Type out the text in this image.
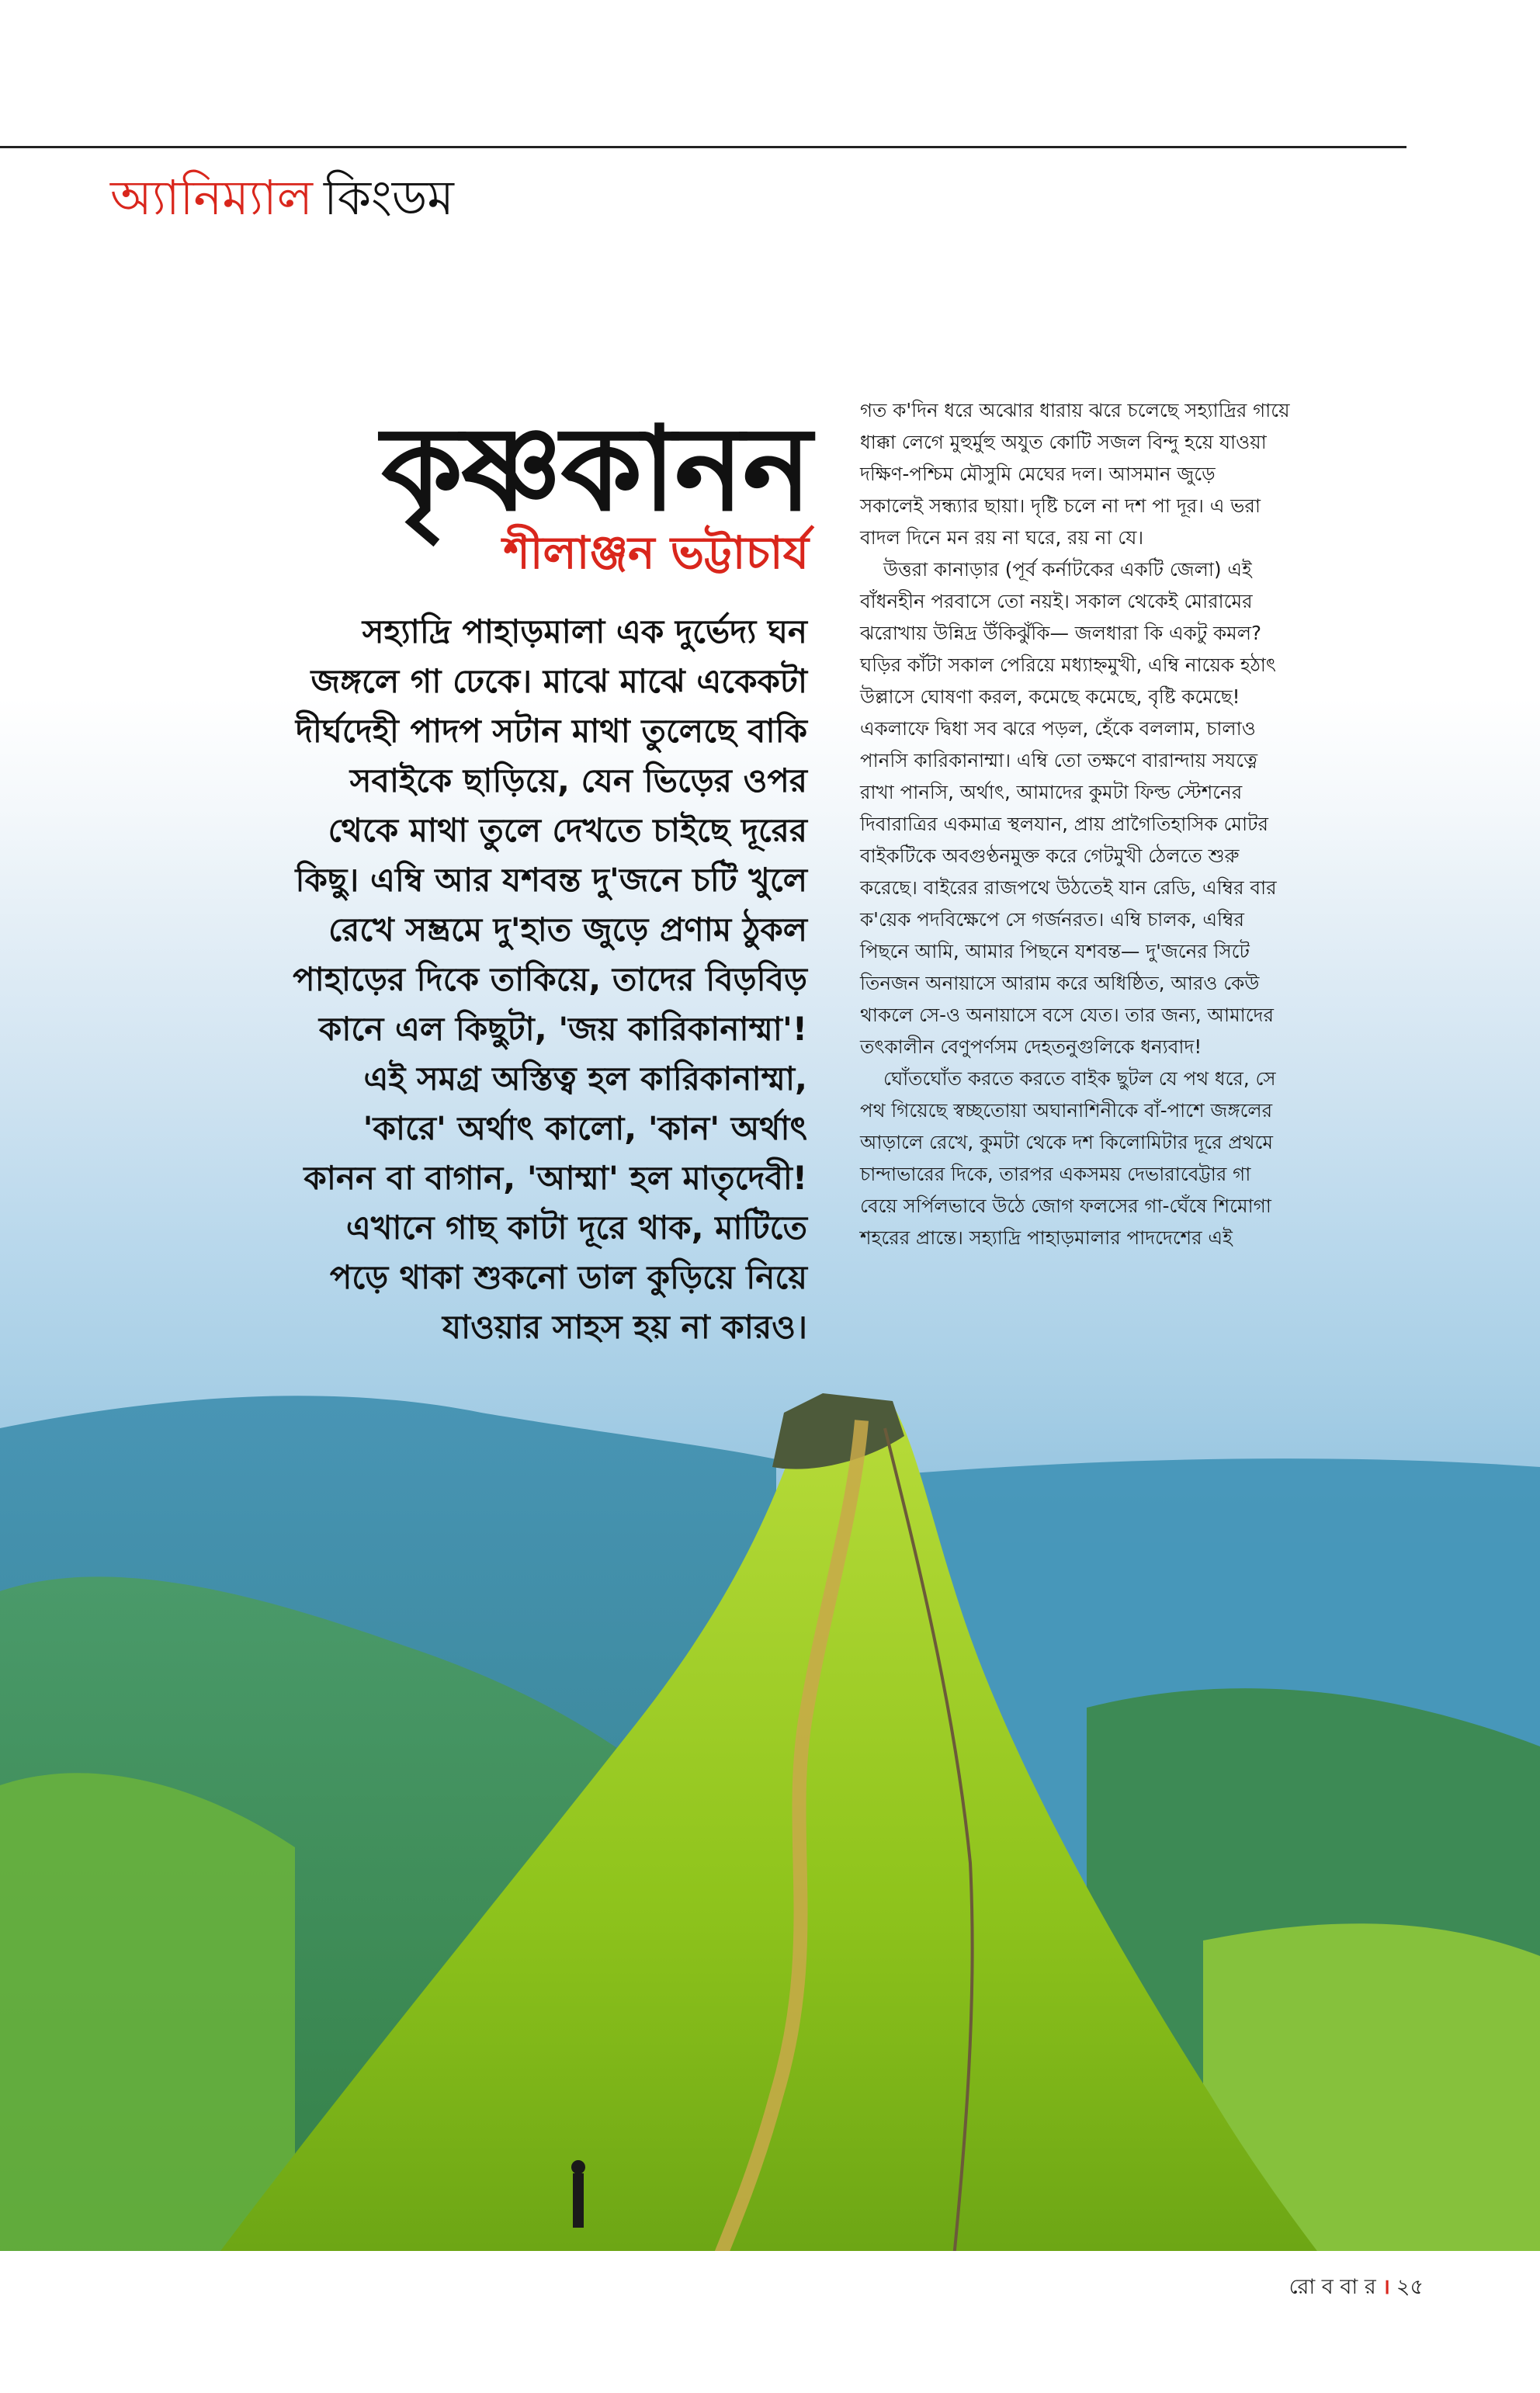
অ্যানিম্যাল কিংডম
কৃষ্ণকানন
শীলাঞ্জন ভট্টাচার্য
সহ্যাদ্রি পাহাড়মালা এক দুর্ভেদ্য ঘন
জঙ্গলে গা ঢেকে। মাঝে মাঝে একেকটা
দীর্ঘদেহী পাদপ সটান মাথা তুলেছে বাকি
সবাইকে ছাড়িয়ে, যেন ভিড়ের ওপর
থেকে মাথা তুলে দেখতে চাইছে দূরের
কিছু। এম্বি আর যশবন্ত দু'জনে চটি খুলে
রেখে সম্ভ্রমে দু'হাত জুড়ে প্রণাম ঠুকল
পাহাড়ের দিকে তাকিয়ে, তাদের বিড়বিড়
কানে এল কিছুটা, 'জয় কারিকানাম্মা'!
এই সমগ্র অস্তিত্ব হল কারিকানাম্মা,
'কারে' অর্থাৎ কালো, 'কান' অর্থাৎ
কানন বা বাগান, 'আম্মা' হল মাতৃদেবী!
এখানে গাছ কাটা দূরে থাক, মাটিতে
পড়ে থাকা শুকনো ডাল কুড়িয়ে নিয়ে
যাওয়ার সাহস হয় না কারও।
গত ক'দিন ধরে অঝোর ধারায় ঝরে চলেছে সহ্যাদ্রির গায়ে
ধাক্কা লেগে মুহুর্মুহু অযুত কোটি সজল বিন্দু হয়ে যাওয়া
দক্ষিণ-পশ্চিম মৌসুমি মেঘের দল। আসমান জুড়ে
সকালেই সন্ধ্যার ছায়া। দৃষ্টি চলে না দশ পা দূর। এ ভরা
বাদল দিনে মন রয় না ঘরে, রয় না যে।
উত্তরা কানাড়ার (পূর্ব কর্নাটকের একটি জেলা) এই
বাঁধনহীন পরবাসে তো নয়ই। সকাল থেকেই মোরামের
ঝরোখায় উন্নিদ্র উঁকিঝুঁকি— জলধারা কি একটু কমল?
ঘড়ির কাঁটা সকাল পেরিয়ে মধ্যাহ্নমুখী, এম্বি নায়েক হঠাৎ
উল্লাসে ঘোষণা করল, কমেছে কমেছে, বৃষ্টি কমেছে!
একলাফে দ্বিধা সব ঝরে পড়ল, হেঁকে বললাম, চালাও
পানসি কারিকানাম্মা। এম্বি তো তক্ষণে বারান্দায় সযত্নে
রাখা পানসি, অর্থাৎ, আমাদের কুমটা ফিল্ড স্টেশনের
দিবারাত্রির একমাত্র স্থলযান, প্রায় প্রাগৈতিহাসিক মোটর
বাইকটিকে অবগুণ্ঠনমুক্ত করে গেটমুখী ঠেলতে শুরু
করেছে। বাইরের রাজপথে উঠতেই যান রেডি, এম্বির বার
ক'য়েক পদবিক্ষেপে সে গর্জনরত। এম্বি চালক, এম্বির
পিছনে আমি, আমার পিছনে যশবন্ত— দু'জনের সিটে
তিনজন অনায়াসে আরাম করে অধিষ্ঠিত, আরও কেউ
থাকলে সে-ও অনায়াসে বসে যেত। তার জন্য, আমাদের
তৎকালীন বেণুপর্ণসম দেহতনুগুলিকে ধন্যবাদ!
ঘোঁতঘোঁত করতে করতে বাইক ছুটল যে পথ ধরে, সে
পথ গিয়েছে স্বচ্ছতোয়া অঘানাশিনীকে বাঁ-পাশে জঙ্গলের
আড়ালে রেখে, কুমটা থেকে দশ কিলোমিটার দূরে প্রথমে
চান্দাভারের দিকে, তারপর একসময় দেভারাবেট্টার গা
বেয়ে সর্পিলভাবে উঠে জোগ ফলসের গা-ঘেঁষে শিমোগা
শহরের প্রান্তে। সহ্যাদ্রি পাহাড়মালার পাদদেশের এই
রো ব বা র । ২৫
